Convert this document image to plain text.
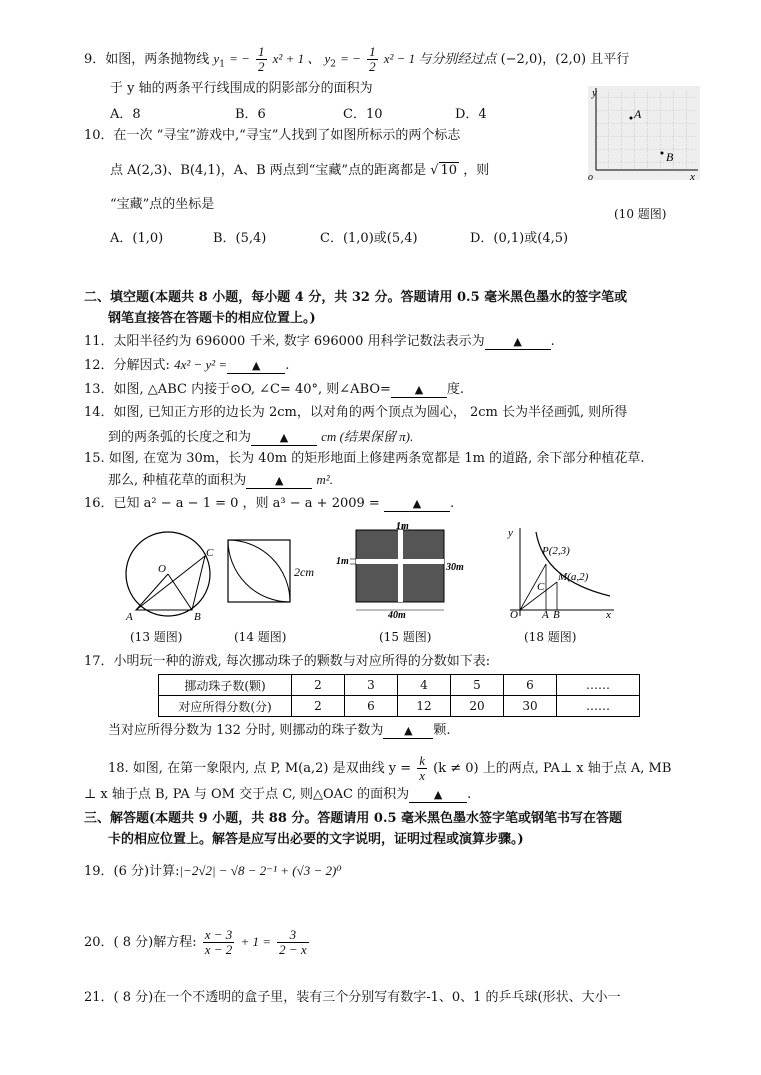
9．如图，两条抛物线 $y_1$ = − $\frac{1}{2} x^2 + 1$ 、 $y_2$ = − $\frac{1}{2} x^2 - 1$ 与分别经过点 (−2,0)，(2,0) 且平行
于 y 轴的两条平行线围成的阴影部分的面积为
A．8	B．6	C．10	D．4
10．在一次 “寻宝”游戏中,“寻宝”人找到了如图所标示的两个标志
点 A(2,3)、B(4,1)，A、B 两点到“宝藏”点的距离都是 √ 10 ，则
“宝藏”点的坐标是
A．(1,0)	B．(5,4)	C．(1,0)或(5,4)	D．(0,1)或(4,5)
y
o	x
A
B
(10 题图)
二、填空题(本题共 8 小题，每小题 4 分，共 32 分。答题请用 0.5 毫米黑色墨水的签字笔或
钢笔直接答在答题卡的相应位置上。)
11．太阳半径约为 696000 千米, 数字 696000 用科学记数法表示为	▲ .
12．分解因式: 4x² − y² = ▲ .
13．如图, △ABC 内接于⊙O, ∠C= 40°, 则∠ABO= ▲ 度.
14．如图, 已知正方形的边长为 2cm，以对角的两个顶点为圆心， 2cm 长为半径画弧, 则所得
到的两条弧的长度之和为	▲	cm (结果保留 π).
15. 如图, 在宽为 30m，长为 40m 的矩形地面上修建两条宽都是 1m 的道路, 余下部分种植花草.
那么, 种植花草的面积为	▲	m².
16．已知 a² − a − 1 = 0 ，则 a³ − a + 2009 =	▲ .
O
C
A	B
2cm
1m
1m
30m
40m
y
P(2,3)
M(a,2)
C
O A B	x
(13 题图)	(14 题图)	(15 题图)	(18 题图)
17．小明玩一种的游戏, 每次挪动珠子的颗数与对应所得的分数如下表:
挪动珠子数(颗)	2	3	4	5	6	……
对应所得分数(分)	2	6	12	20	30	……
当对应所得分数为 132 分时, 则挪动的珠子数为 ▲ 颗.
18. 如图, 在第一象限内, 点 P, M(a,2) 是双曲线 $y = \frac{k}{x} (k \ne 0)$ 上的两点, PA⊥ x 轴于点 A, MB
⊥ x 轴于点 B, PA 与 OM 交于点 C, 则△OAC 的面积为 ▲ .
三、解答题(本题共 9 小题，共 88 分。答题请用 0.5 毫米黑色墨水签字笔或钢笔书写在答题
卡的相应位置上。解答是应写出必要的文字说明，证明过程或演算步骤。)
19．(6 分)计算:|−2√2| − √8 − 2⁻¹ + (√3 − 2)⁰
20．( 8 分)解方程: $\frac{x - 3}{x - 2} + 1 = \frac{3}{2 - x}$
21．( 8 分)在一个不透明的盒子里，装有三个分别写有数字-1、0、1 的乒乓球(形状、大小一
